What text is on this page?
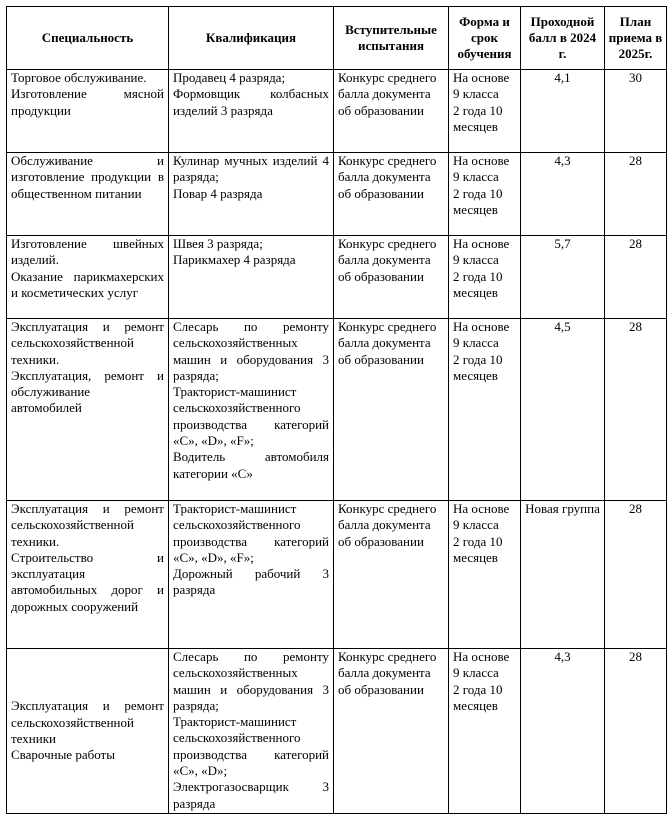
Специальность	Квалификация	Вступительные испытания	Форма и срок обучения	Проходной балл в 2024 г.	План приема в 2025г.

Торговое обслуживание.
Изготовление мясной продукции	Продавец 4 разряда;
Формовщик колбасных изделий 3 разряда	Конкурс среднего балла документа об образовании	На основе 9 класса
2 года 10 месяцев	4,1	30

Обслуживание и изготовление продукции в общественном питании	Кулинар мучных изделий 4 разряда;
Повар 4 разряда	Конкурс среднего балла документа об образовании	На основе 9 класса
2 года 10 месяцев	4,3	28

Изготовление швейных изделий.
Оказание парикмахерских и косметических услуг	Швея 3 разряда;
Парикмахер 4 разряда	Конкурс среднего балла документа об образовании	На основе 9 класса
2 года 10 месяцев	5,7	28

Эксплуатация и ремонт сельскохозяйственной техники.
Эксплуатация, ремонт и обслуживание автомобилей	Слесарь по ремонту сельскохозяйственных машин и оборудования 3 разряда;
Тракторист-машинист сельскохозяйственного производства категорий «С», «D», «F»;
Водитель автомобиля категории «С»	Конкурс среднего балла документа об образовании	На основе 9 класса
2 года 10 месяцев	4,5	28

Эксплуатация и ремонт сельскохозяйственной техники.
Строительство и эксплуатация автомобильных дорог и дорожных сооружений	Тракторист-машинист сельскохозяйственного производства категорий «С», «D», «F»;
Дорожный рабочий 3 разряда	Конкурс среднего балла документа об образовании	На основе 9 класса
2 года 10 месяцев	Новая группа	28

Эксплуатация и ремонт сельскохозяйственной техники
Сварочные работы	Слесарь по ремонту сельскохозяйственных машин и оборудования 3 разряда;
Тракторист-машинист сельскохозяйственного производства категорий «С», «D»;
Электрогазосварщик 3 разряда	Конкурс среднего балла документа об образовании	На основе 9 класса
2 года 10 месяцев	4,3	28
